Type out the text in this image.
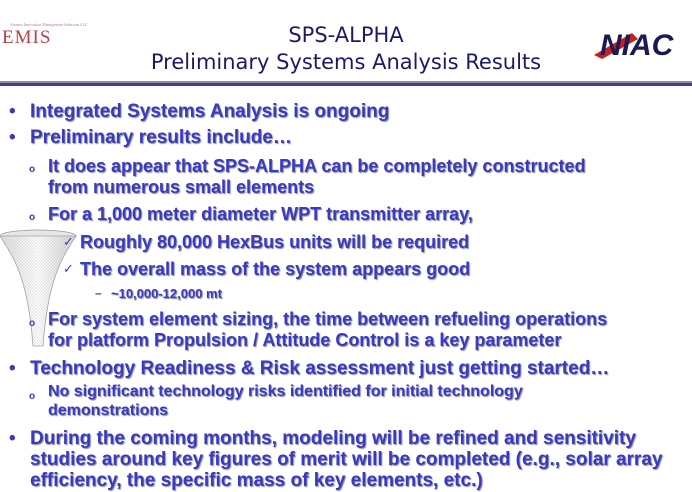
Artemis Innovation Management Solutions LLC
EMIS	NIAC
SPS-ALPHA
Preliminary Systems Analysis Results
• Integrated Systems Analysis is ongoing
• Preliminary results include…
o It does appear that SPS-ALPHA can be completely constructed
from numerous small elements
o For a 1,000 meter diameter WPT transmitter array,
✓ Roughly 80,000 HexBus units will be required
✓ The overall mass of the system appears good
– ~10,000-12,000 mt
o For system element sizing, the time between refueling operations
for platform Propulsion / Attitude Control is a key parameter
• Technology Readiness & Risk assessment just getting started…
o No significant technology risks identified for initial technology
demonstrations
• During the coming months, modeling will be refined and sensitivity
studies around key figures of merit will be completed (e.g., solar array
efficiency, the specific mass of key elements, etc.)
